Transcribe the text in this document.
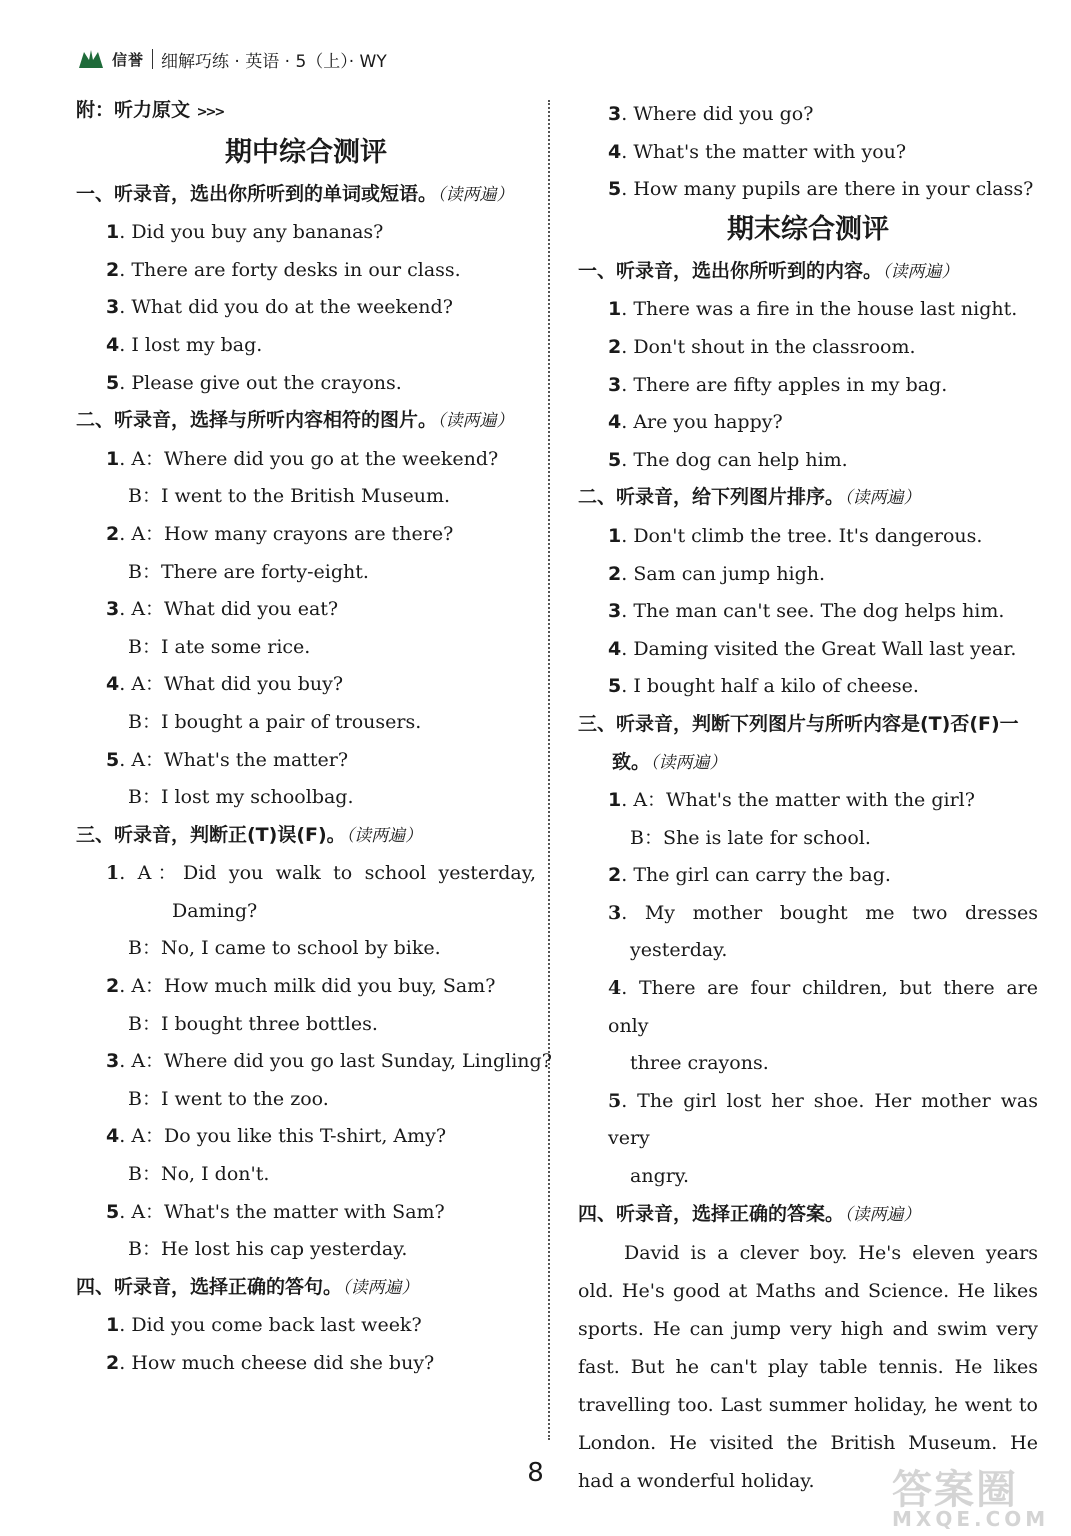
信誉 细解巧练 · 英语 · 5（上）· WY
附：听力原文 >>>
期中综合测评
一、听录音，选出你所听到的单词或短语。（读两遍）
1. Did you buy any bananas?
2. There are forty desks in our class.
3. What did you do at the weekend?
4. I lost my bag.
5. Please give out the crayons.
二、听录音，选择与所听内容相符的图片。（读两遍）
1. A：Where did you go at the weekend?
B：I went to the British Museum.
2. A：How many crayons are there?
B：There are forty-eight.
3. A：What did you eat?
B：I ate some rice.
4. A：What did you buy?
B：I bought a pair of trousers.
5. A：What's the matter?
B：I lost my schoolbag.
三、听录音，判断正(T)误(F)。（读两遍）
1. A：Did you walk to school yesterday,
Daming?
B：No, I came to school by bike.
2. A：How much milk did you buy, Sam?
B：I bought three bottles.
3. A：Where did you go last Sunday, Lingling?
B：I went to the zoo.
4. A：Do you like this T-shirt, Amy?
B：No, I don't.
5. A：What's the matter with Sam?
B：He lost his cap yesterday.
四、听录音，选择正确的答句。（读两遍）
1. Did you come back last week?
2. How much cheese did she buy?
3. Where did you go?
4. What's the matter with you?
5. How many pupils are there in your class?
期末综合测评
一、听录音，选出你所听到的内容。（读两遍）
1. There was a fire in the house last night.
2. Don't shout in the classroom.
3. There are fifty apples in my bag.
4. Are you happy?
5. The dog can help him.
二、听录音，给下列图片排序。（读两遍）
1. Don't climb the tree. It's dangerous.
2. Sam can jump high.
3. The man can't see. The dog helps him.
4. Daming visited the Great Wall last year.
5. I bought half a kilo of cheese.
三、听录音，判断下列图片与所听内容是(T)否(F)一致。（读两遍）
1. A：What's the matter with the girl?
B：She is late for school.
2. The girl can carry the bag.
3. My mother bought me two dresses
yesterday.
4. There are four children, but there are only
three crayons.
5. The girl lost her shoe. Her mother was very
angry.
四、听录音，选择正确的答案。（读两遍）
David is a clever boy. He's eleven years old. He's good at Maths and Science. He likes sports. He can jump very high and swim very fast. But he can't play table tennis. He likes travelling too. Last summer holiday, he went to London. He visited the British Museum. He had a wonderful holiday.
8	答案圈
MXQE.COM
